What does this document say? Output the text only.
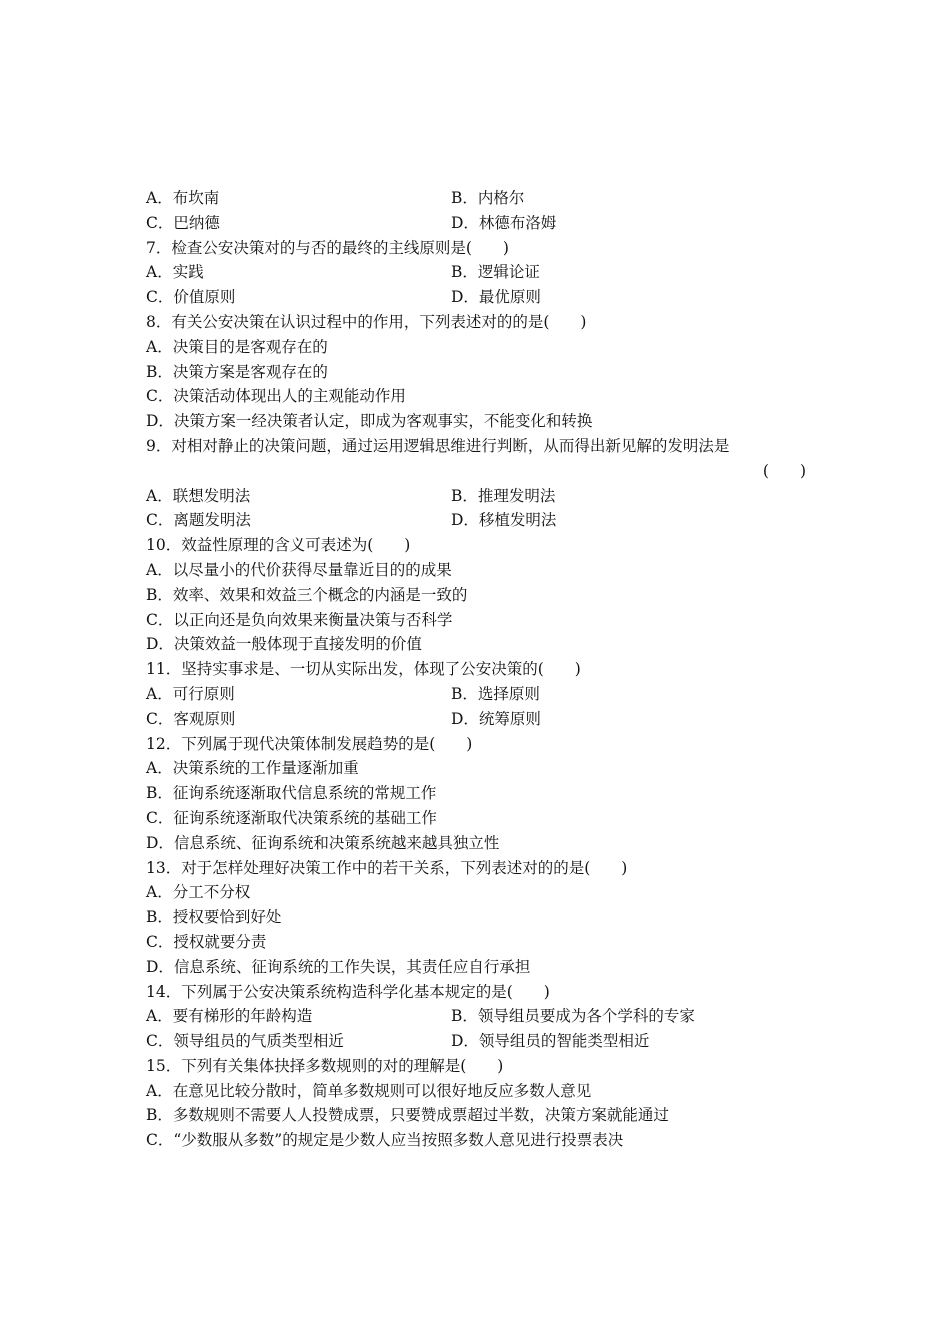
A．布坎南	B．内格尔
C．巴纳德	D．林德布洛姆
7．检查公安决策对的与否的最终的主线原则是(　　)
A．实践	B．逻辑论证
C．价值原则	D．最优原则
8．有关公安决策在认识过程中的作用，下列表述对的的是(　　)
A．决策目的是客观存在的
B．决策方案是客观存在的
C．决策活动体现出人的主观能动作用
D．决策方案一经决策者认定，即成为客观事实，不能变化和转换
9．对相对静止的决策问题，通过运用逻辑思维进行判断，从而得出新见解的发明法是
(　　)
A．联想发明法	B．推理发明法
C．离题发明法	D．移植发明法
10．效益性原理的含义可表述为(　　)
A．以尽量小的代价获得尽量靠近目的的成果
B．效率、效果和效益三个概念的内涵是一致的
C．以正向还是负向效果来衡量决策与否科学
D．决策效益一般体现于直接发明的价值
11．坚持实事求是、一切从实际出发，体现了公安决策的(　　)
A．可行原则	B．选择原则
C．客观原则	D．统筹原则
12．下列属于现代决策体制发展趋势的是(　　)
A．决策系统的工作量逐渐加重
B．征询系统逐渐取代信息系统的常规工作
C．征询系统逐渐取代决策系统的基础工作
D．信息系统、征询系统和决策系统越来越具独立性
13．对于怎样处理好决策工作中的若干关系，下列表述对的的是(　　)
A．分工不分权
B．授权要恰到好处
C．授权就要分责
D．信息系统、征询系统的工作失误，其责任应自行承担
14．下列属于公安决策系统构造科学化基本规定的是(　　)
A．要有梯形的年龄构造	B．领导组员要成为各个学科的专家
C．领导组员的气质类型相近	D．领导组员的智能类型相近
15．下列有关集体抉择多数规则的对的理解是(　　)
A．在意见比较分散时，简单多数规则可以很好地反应多数人意见
B．多数规则不需要人人投赞成票，只要赞成票超过半数，决策方案就能通过
C．“少数服从多数”的规定是少数人应当按照多数人意见进行投票表决
